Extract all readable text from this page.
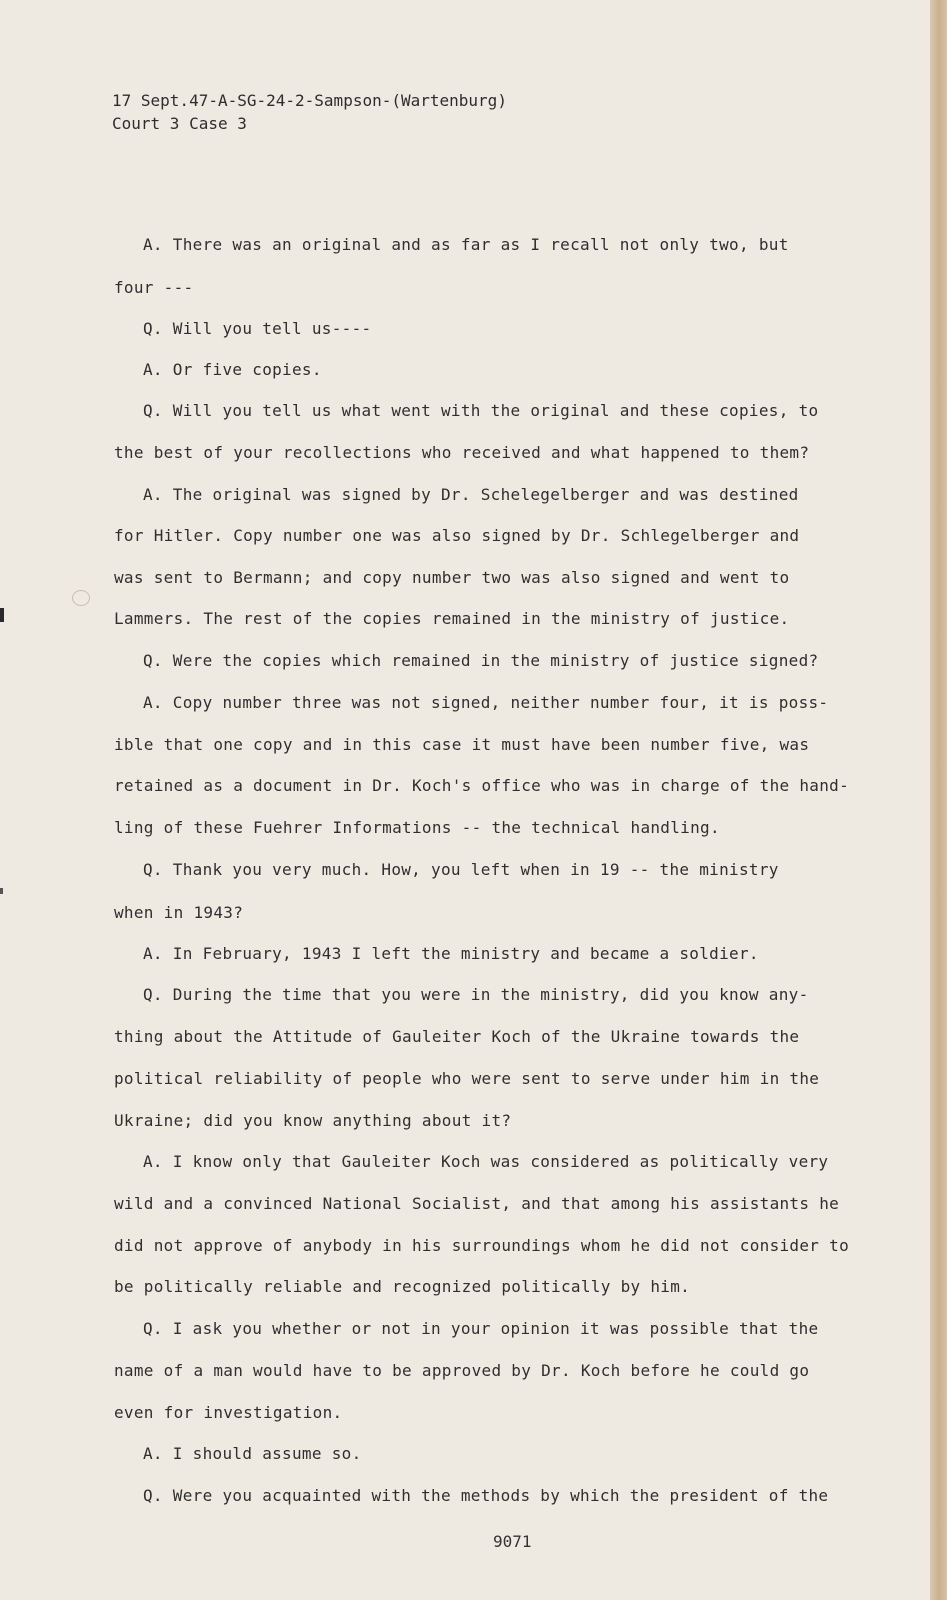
17 Sept.47-A-SG-24-2-Sampson-(Wartenburg)
Court 3 Case 3
A. There was an original and as far as I recall not only two, but
four ---
Q. Will you tell us----
A. Or five copies.
Q. Will you tell us what went with the original and these copies, to
the best of your recollections who received and what happened to them?
A. The original was signed by Dr. Schelegelberger and was destined
for Hitler. Copy number one was also signed by Dr. Schlegelberger and
was sent to Bermann; and copy number two was also signed and went to
Lammers. The rest of the copies remained in the ministry of justice.
Q. Were the copies which remained in the ministry of justice signed?
A. Copy number three was not signed, neither number four, it is poss-
ible that one copy and in this case it must have been number five, was
retained as a document in Dr. Koch's office who was in charge of the hand-
ling of these Fuehrer Informations -- the technical handling.
Q. Thank you very much. How, you left when in 19 -- the ministry
when in 1943?
A. In February, 1943 I left the ministry and became a soldier.
Q. During the time that you were in the ministry, did you know any-
thing about the Attitude of Gauleiter Koch of the Ukraine towards the
political reliability of people who were sent to serve under him in the
Ukraine; did you know anything about it?
A. I know only that Gauleiter Koch was considered as politically very
wild and a convinced National Socialist, and that among his assistants he
did not approve of anybody in his surroundings whom he did not consider to
be politically reliable and recognized politically by him.
Q. I ask you whether or not in your opinion it was possible that the
name of a man would have to be approved by Dr. Koch before he could go
even for investigation.
A. I should assume so.
Q. Were you acquainted with the methods by which the president of the
9071
